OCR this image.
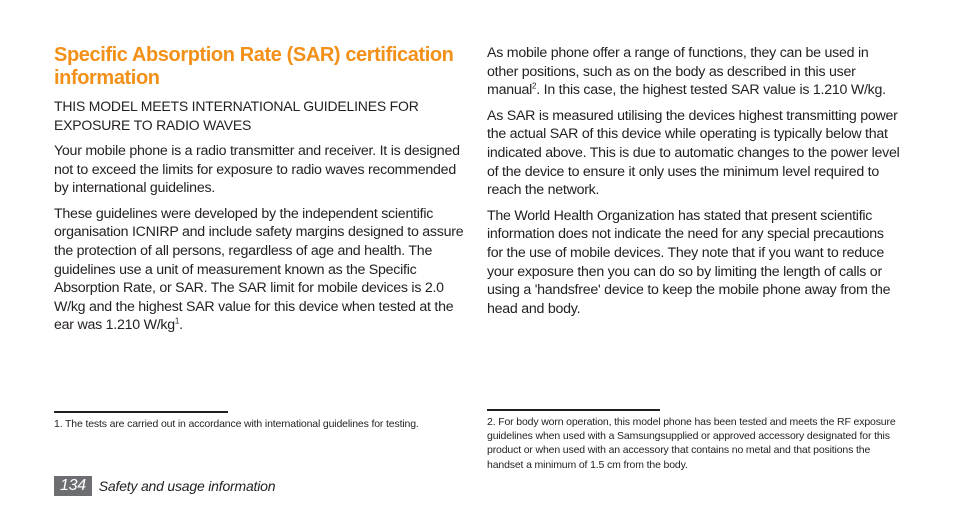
Specific Absorption Rate (SAR) certification information

THIS MODEL MEETS INTERNATIONAL GUIDELINES FOR
EXPOSURE TO RADIO WAVES

Your mobile phone is a radio transmitter and receiver. It is designed not to exceed the limits for exposure to radio waves recommended by international guidelines.

These guidelines were developed by the independent scientific organisation ICNIRP and include safety margins designed to assure the protection of all persons, regardless of age and health. The guidelines use a unit of measurement known as the Specific Absorption Rate, or SAR. The SAR limit for mobile devices is 2.0 W/kg and the highest SAR value for this device when tested at the ear was 1.210 $W/kg^1$.

As mobile phone offer a range of functions, they can be used in other positions, such as on the body as described in this user manual$^2$. In this case, the highest tested SAR value is 1.210 W/kg.

As SAR is measured utilising the devices highest transmitting power the actual SAR of this device while operating is typically below that indicated above. This is due to automatic changes to the power level of the device to ensure it only uses the minimum level required to reach the network.

The World Health Organization has stated that present scientific information does not indicate the need for any special precautions for the use of mobile devices. They note that if you want to reduce your exposure then you can do so by limiting the length of calls or using a 'handsfree' device to keep the mobile phone away from the head and body.

1. The tests are carried out in accordance with international guidelines for testing.	2. For body worn operation, this model phone has been tested and meets the RF exposure guidelines when used with a Samsungsupplied or approved accessory designated for this product or when used with an accessory that contains no metal and that positions the handset a minimum of 1.5 cm from the body.

134 Safety and usage information
